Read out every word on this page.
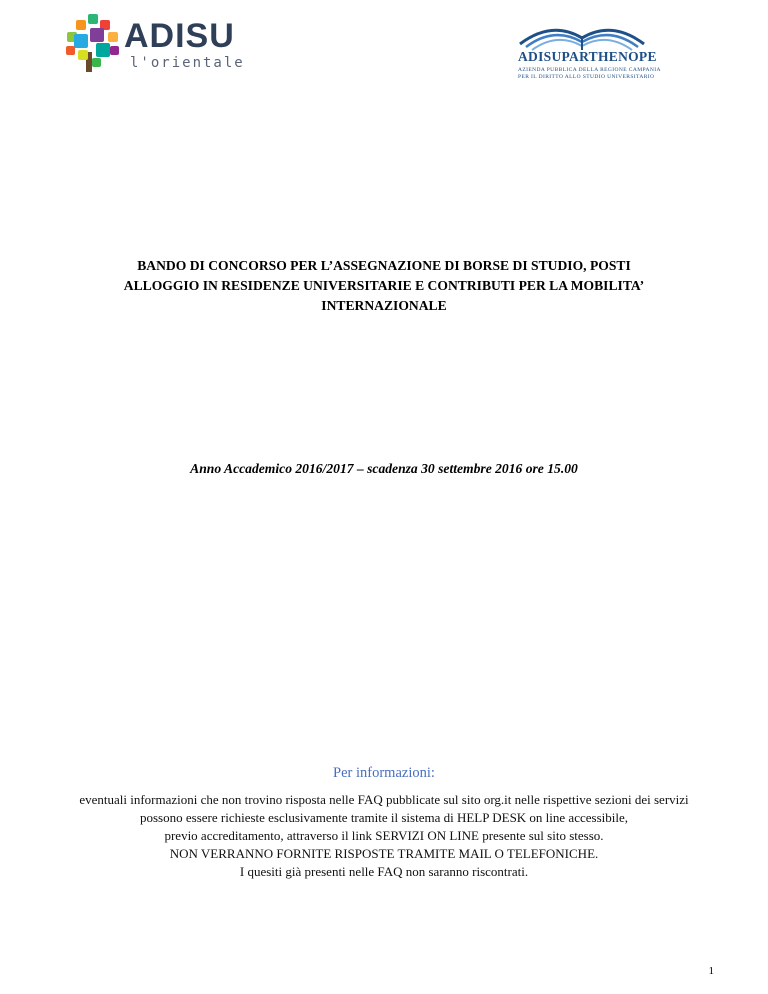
ADISU
l'orientale	ADISUPARTHENOPE
AZIENDA PUBBLICA DELLA REGIONE CAMPANIA
PER IL DIRITTO ALLO STUDIO UNIVERSITARIO
BANDO DI CONCORSO PER L’ASSEGNAZIONE DI BORSE DI STUDIO, POSTI
ALLOGGIO IN RESIDENZE UNIVERSITARIE E CONTRIBUTI PER LA MOBILITA’
INTERNAZIONALE
Anno Accademico 2016/2017 – scadenza 30 settembre 2016 ore 15.00
Per informazioni:
eventuali informazioni che non trovino risposta nelle FAQ pubblicate sul sito org.it nelle rispettive sezioni dei servizi
possono essere richieste esclusivamente tramite il sistema di HELP DESK on line accessibile,
previo accreditamento, attraverso il link SERVIZI ON LINE presente sul sito stesso.
NON VERRANNO FORNITE RISPOSTE TRAMITE MAIL O TELEFONICHE.
I quesiti già presenti nelle FAQ non saranno riscontrati.
1
